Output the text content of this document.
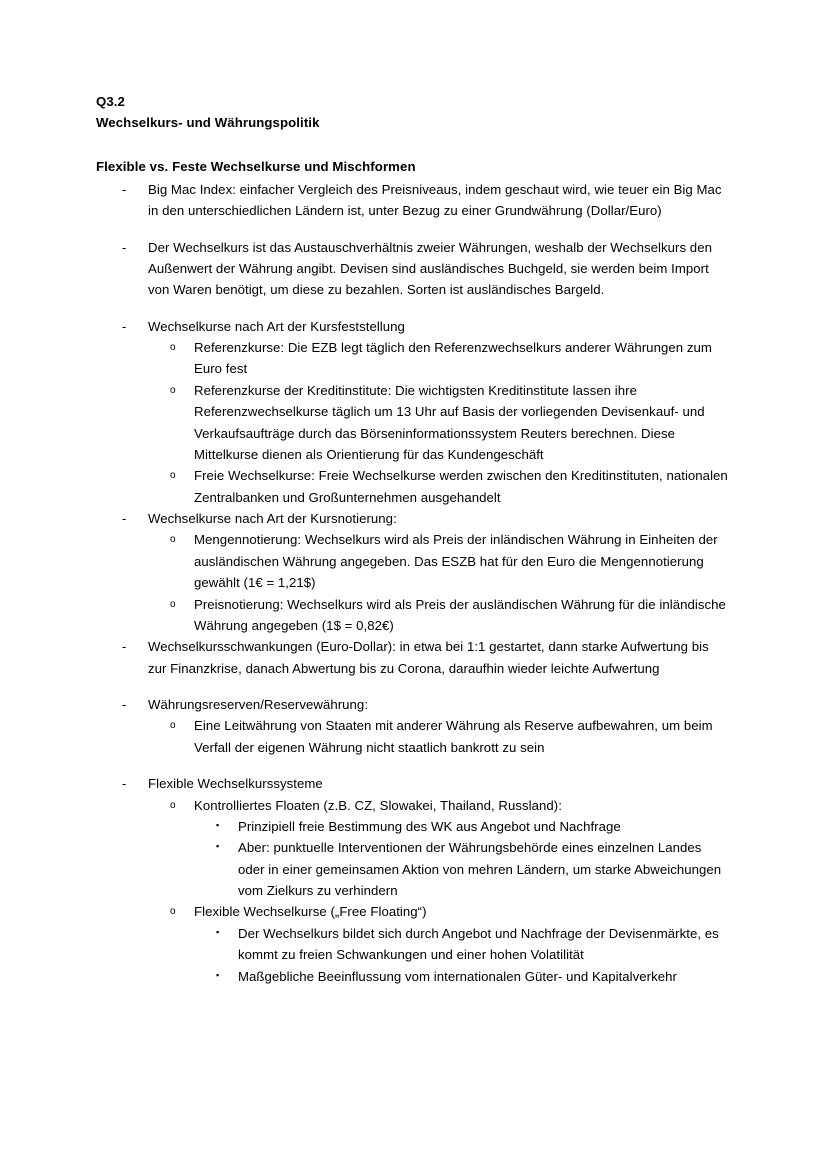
Q3.2
Wechselkurs- und Währungspolitik
Flexible vs. Feste Wechselkurse und Mischformen
- Big Mac Index: einfacher Vergleich des Preisniveaus, indem geschaut wird, wie teuer ein Big Mac in den unterschiedlichen Ländern ist, unter Bezug zu einer Grundwährung (Dollar/Euro)
- Der Wechselkurs ist das Austauschverhältnis zweier Währungen, weshalb der Wechselkurs den Außenwert der Währung angibt. Devisen sind ausländisches Buchgeld, sie werden beim Import von Waren benötigt, um diese zu bezahlen. Sorten ist ausländisches Bargeld.
- Wechselkurse nach Art der Kursfeststellung
o Referenzkurse: Die EZB legt täglich den Referenzwechselkurs anderer Währungen zum Euro fest
o Referenzkurse der Kreditinstitute: Die wichtigsten Kreditinstitute lassen ihre Referenzwechselkurse täglich um 13 Uhr auf Basis der vorliegenden Devisenkauf- und Verkaufsaufträge durch das Börseninformationssystem Reuters berechnen. Diese Mittelkurse dienen als Orientierung für das Kundengeschäft
o Freie Wechselkurse: Freie Wechselkurse werden zwischen den Kreditinstituten, nationalen Zentralbanken und Großunternehmen ausgehandelt
- Wechselkurse nach Art der Kursnotierung:
o Mengennotierung: Wechselkurs wird als Preis der inländischen Währung in Einheiten der ausländischen Währung angegeben. Das ESZB hat für den Euro die Mengennotierung gewählt (1€ = 1,21$)
o Preisnotierung: Wechselkurs wird als Preis der ausländischen Währung für die inländische Währung angegeben (1$ = 0,82€)
- Wechselkursschwankungen (Euro-Dollar): in etwa bei 1:1 gestartet, dann starke Aufwertung bis zur Finanzkrise, danach Abwertung bis zu Corona, daraufhin wieder leichte Aufwertung
- Währungsreserven/Reservewährung:
o Eine Leitwährung von Staaten mit anderer Währung als Reserve aufbewahren, um beim Verfall der eigenen Währung nicht staatlich bankrott zu sein
- Flexible Wechselkurssysteme
o Kontrolliertes Floaten (z.B. CZ, Slowakei, Thailand, Russland):
▪ Prinzipiell freie Bestimmung des WK aus Angebot und Nachfrage
▪ Aber: punktuelle Interventionen der Währungsbehörde eines einzelnen Landes oder in einer gemeinsamen Aktion von mehren Ländern, um starke Abweichungen vom Zielkurs zu verhindern
o Flexible Wechselkurse („Free Floating“)
▪ Der Wechselkurs bildet sich durch Angebot und Nachfrage der Devisenmärkte, es kommt zu freien Schwankungen und einer hohen Volatilität
▪ Maßgebliche Beeinflussung vom internationalen Güter- und Kapitalverkehr
